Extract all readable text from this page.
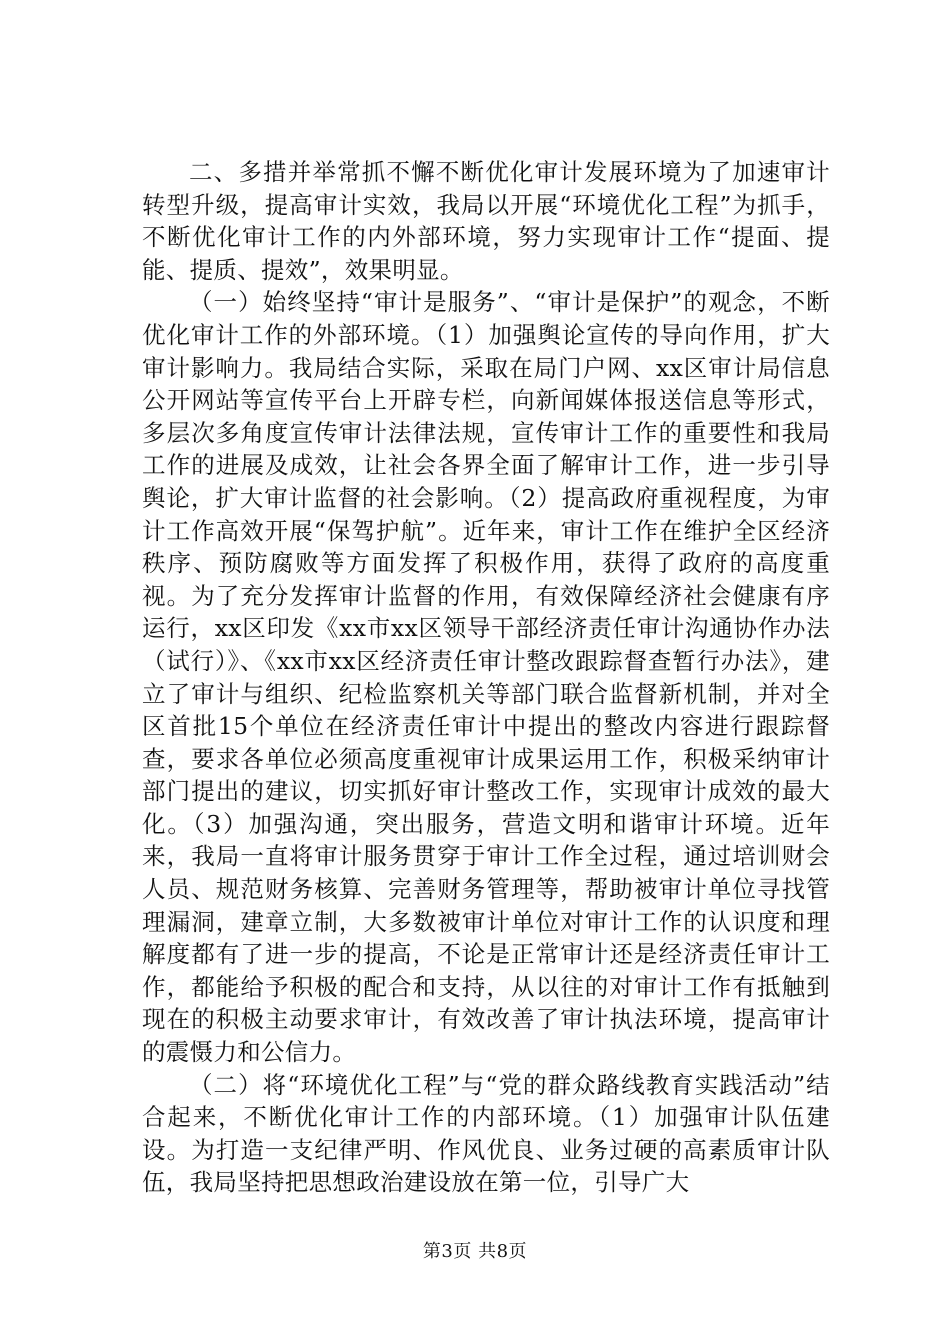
二、多措并举常抓不懈不断优化审计发展环境为了加速审计转型升级，提高审计实效，我局以开展“环境优化工程”为抓手，不断优化审计工作的内外部环境，努力实现审计工作“提面、提能、提质、提效”，效果明显。

（一）始终坚持“审计是服务”、“审计是保护”的观念，不断优化审计工作的外部环境。（1）加强舆论宣传的导向作用，扩大审计影响力。我局结合实际，采取在局门户网、xx区审计局信息公开网站等宣传平台上开辟专栏，向新闻媒体报送信息等形式，多层次多角度宣传审计法律法规，宣传审计工作的重要性和我局工作的进展及成效，让社会各界全面了解审计工作，进一步引导舆论，扩大审计监督的社会影响。（2）提高政府重视程度，为审计工作高效开展“保驾护航”。近年来，审计工作在维护全区经济秩序、预防腐败等方面发挥了积极作用，获得了政府的高度重视。为了充分发挥审计监督的作用，有效保障经济社会健康有序运行，xx区印发《xx市xx区领导干部经济责任审计沟通协作办法（试行）》、《xx市xx区经济责任审计整改跟踪督查暂行办法》，建立了审计与组织、纪检监察机关等部门联合监督新机制，并对全区首批15个单位在经济责任审计中提出的整改内容进行跟踪督查，要求各单位必须高度重视审计成果运用工作，积极采纳审计部门提出的建议，切实抓好审计整改工作，实现审计成效的最大化。（3）加强沟通，突出服务，营造文明和谐审计环境。近年来，我局一直将审计服务贯穿于审计工作全过程，通过培训财会人员、规范财务核算、完善财务管理等，帮助被审计单位寻找管理漏洞，建章立制，大多数被审计单位对审计工作的认识度和理解度都有了进一步的提高，不论是正常审计还是经济责任审计工作，都能给予积极的配合和支持，从以往的对审计工作有抵触到现在的积极主动要求审计，有效改善了审计执法环境，提高审计的震慑力和公信力。

（二）将“环境优化工程”与“党的群众路线教育实践活动”结合起来，不断优化审计工作的内部环境。（1）加强审计队伍建设。为打造一支纪律严明、作风优良、业务过硬的高素质审计队伍，我局坚持把思想政治建设放在第一位，引导广大

第3页 共8页
